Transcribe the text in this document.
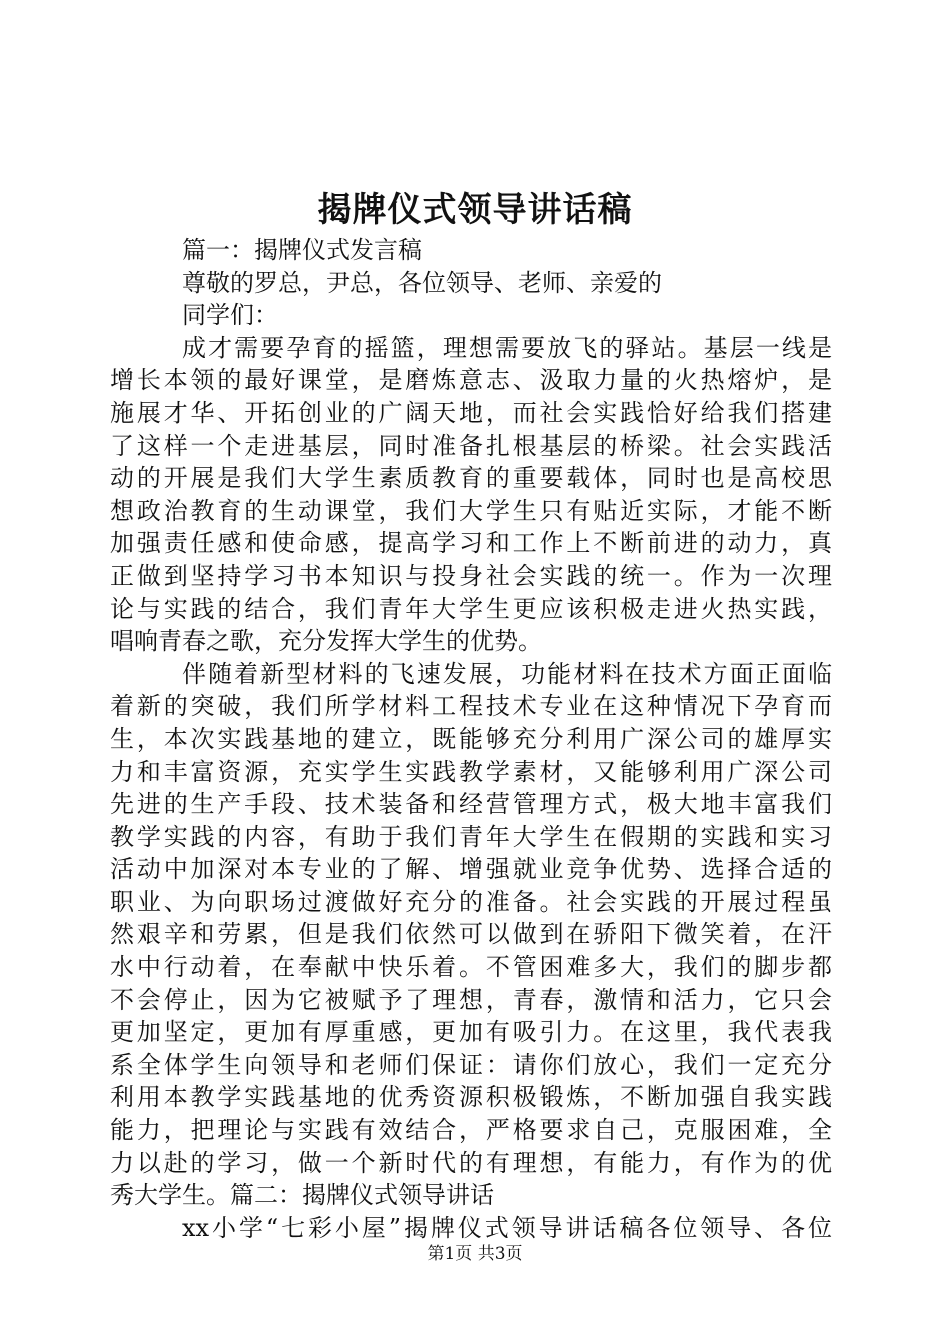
揭牌仪式领导讲话稿
篇一：揭牌仪式发言稿
尊敬的罗总，尹总，各位领导、老师、亲爱的
同学们：
成才需要孕育的摇篮，理想需要放飞的驿站。基层一线是
增长本领的最好课堂，是磨炼意志、汲取力量的火热熔炉，是
施展才华、开拓创业的广阔天地，而社会实践恰好给我们搭建
了这样一个走进基层，同时准备扎根基层的桥梁。社会实践活
动的开展是我们大学生素质教育的重要载体，同时也是高校思
想政治教育的生动课堂，我们大学生只有贴近实际，才能不断
加强责任感和使命感，提高学习和工作上不断前进的动力，真
正做到坚持学习书本知识与投身社会实践的统一。作为一次理
论与实践的结合，我们青年大学生更应该积极走进火热实践，
唱响青春之歌，充分发挥大学生的优势。
伴随着新型材料的飞速发展，功能材料在技术方面正面临
着新的突破，我们所学材料工程技术专业在这种情况下孕育而
生，本次实践基地的建立，既能够充分利用广深公司的雄厚实
力和丰富资源，充实学生实践教学素材，又能够利用广深公司
先进的生产手段、技术装备和经营管理方式，极大地丰富我们
教学实践的内容，有助于我们青年大学生在假期的实践和实习
活动中加深对本专业的了解、增强就业竞争优势、选择合适的
职业、为向职场过渡做好充分的准备。社会实践的开展过程虽
然艰辛和劳累，但是我们依然可以做到在骄阳下微笑着，在汗
水中行动着，在奉献中快乐着。不管困难多大，我们的脚步都
不会停止，因为它被赋予了理想，青春，激情和活力，它只会
更加坚定，更加有厚重感，更加有吸引力。在这里，我代表我
系全体学生向领导和老师们保证：请你们放心，我们一定充分
利用本教学实践基地的优秀资源积极锻炼，不断加强自我实践
能力，把理论与实践有效结合，严格要求自己，克服困难，全
力以赴的学习，做一个新时代的有理想，有能力，有作为的优
秀大学生。篇二：揭牌仪式领导讲话
xx小学“七彩小屋”揭牌仪式领导讲话稿各位领导、各位
第1页 共3页
